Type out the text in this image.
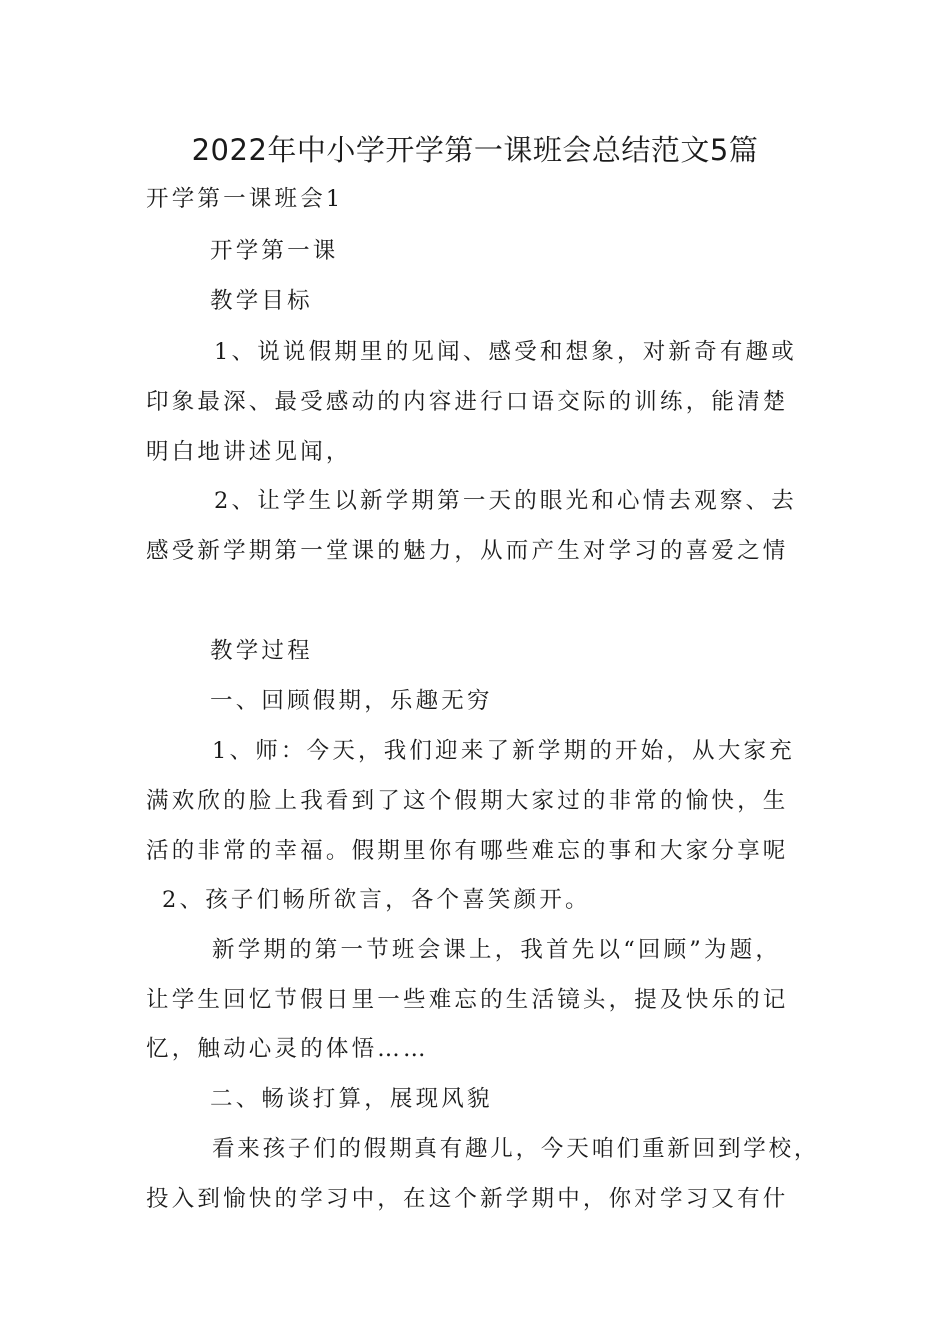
2022年中小学开学第一课班会总结范文5篇
开学第一课班会1
开学第一课
教学目标
1、说说假期里的见闻、感受和想象，对新奇有趣或
印象最深、最受感动的内容进行口语交际的训练，能清楚
明白地讲述见闻，
2、让学生以新学期第一天的眼光和心情去观察、去
感受新学期第一堂课的魅力，从而产生对学习的喜爱之情
教学过程
一、回顾假期，乐趣无穷
1、师：今天，我们迎来了新学期的开始，从大家充
满欢欣的脸上我看到了这个假期大家过的非常的愉快，生
活的非常的幸福。假期里你有哪些难忘的事和大家分享呢
2、孩子们畅所欲言，各个喜笑颜开。
新学期的第一节班会课上，我首先以“回顾”为题，
让学生回忆节假日里一些难忘的生活镜头，提及快乐的记
忆，触动心灵的体悟……
二、畅谈打算，展现风貌
看来孩子们的假期真有趣儿，今天咱们重新回到学校，
投入到愉快的学习中，在这个新学期中，你对学习又有什
